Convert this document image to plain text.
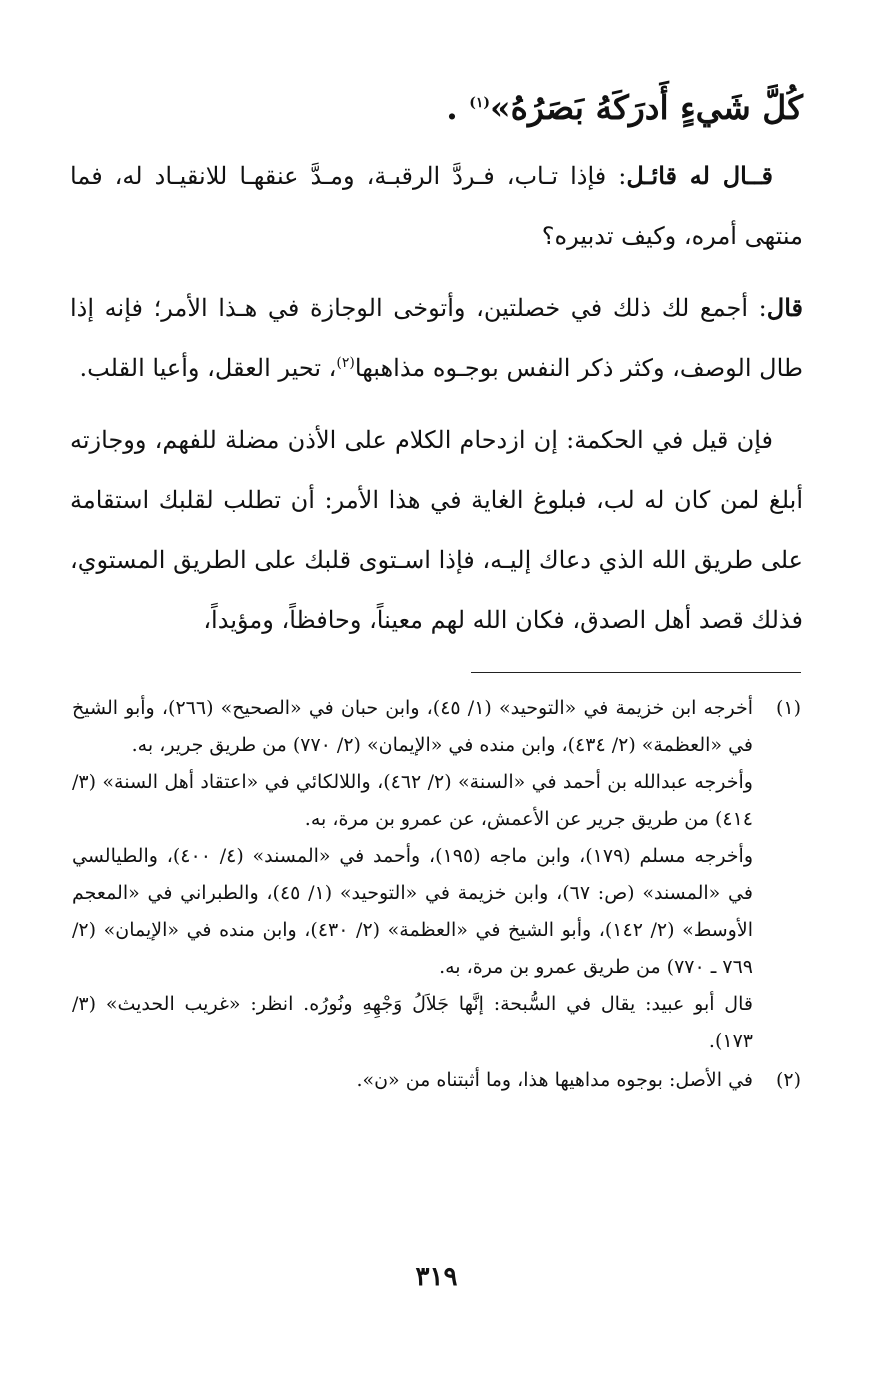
كُلَّ شَيءٍ أَدرَكَهُ بَصَرُهُ»$^{(١)}$ .

قــال له قائـل: فإذا تـاب، فـردَّ الرقبـة، ومـدَّ عنقهـا للانقيـاد له، فما منتهى أمره، وكيف تدبيره؟

قال: أجمع لك ذلك في خصلتين، وأتوخى الوجازة في هـذا الأمر؛ فإنه إذا طال الوصف، وكثر ذكر النفس بوجـوه مذاهبها$^{(٢)}$، تحير العقل، وأعيا القلب.

فإن قيل في الحكمة: إن ازدحام الكلام على الأذن مضلة للفهم، ووجازته أبلغ لمن كان له لب، فبلوغ الغاية في هذا الأمر: أن تطلب لقلبك استقامة على طريق الله الذي دعاك إليـه، فإذا اسـتوى قلبك على الطريق المستوي، فذلك قصد أهل الصدق، فكان الله لهم معيناً، وحافظاً، ومؤيداً،

(١)

أخرجه ابن خزيمة في «التوحيد» (١/ ٤٥)، وابن حبان في «الصحيح» (٢٦٦)، وأبو الشيخ في «العظمة» (٢/ ٤٣٤)، وابن منده في «الإيمان» (٢/ ٧٧٠) من طريق جرير، به.

وأخرجه عبدالله بن أحمد في «السنة» (٢/ ٤٦٢)، واللالكائي في «اعتقاد أهل السنة» (٣/ ٤١٤) من طريق جرير عن الأعمش، عن عمرو بن مرة، به.

وأخرجه مسلم (١٧٩)، وابن ماجه (١٩٥)، وأحمد في «المسند» (٤/ ٤٠٠)، والطيالسي في «المسند» (ص: ٦٧)، وابن خزيمة في «التوحيد» (١/ ٤٥)، والطبراني في «المعجم الأوسط» (٢/ ١٤٢)، وأبو الشيخ في «العظمة» (٢/ ٤٣٠)، وابن منده في «الإيمان» (٢/ ٧٦٩ ـ ٧٧٠) من طريق عمرو بن مرة، به.

قال أبو عبيد: يقال في السُّبحة: إنَّها جَلاَلُ وَجْهِهِ ونُورُه. انظر: «غريب الحديث» (٣/ ١٧٣).

(٢)

في الأصل: بوجوه مداهيها هذا، وما أثبتناه من «ن».

٣١٩
